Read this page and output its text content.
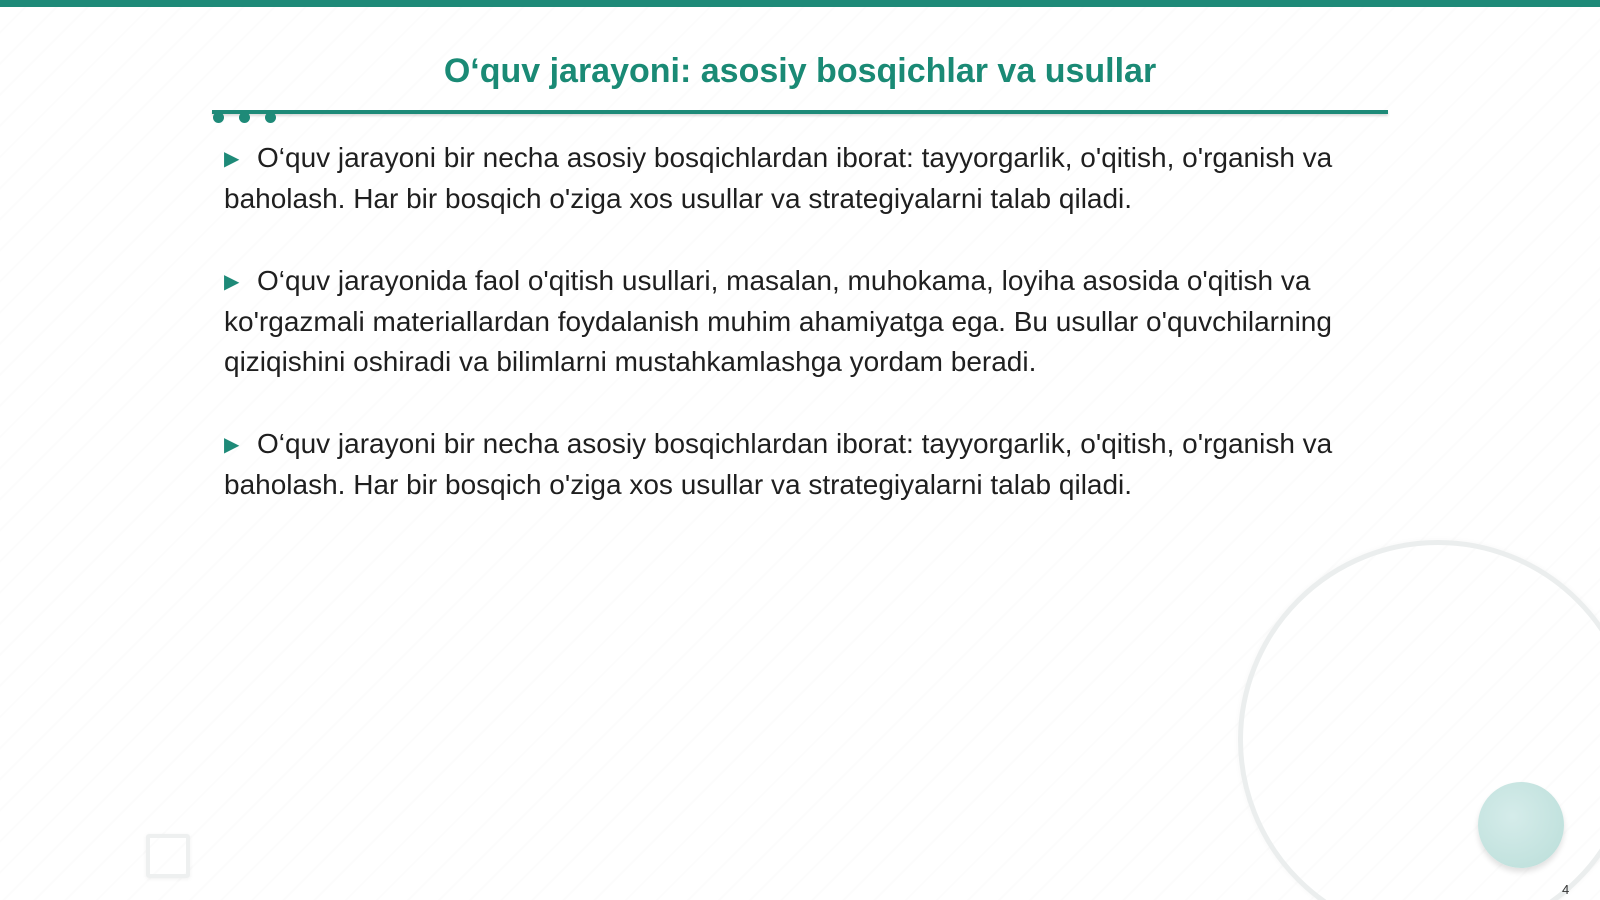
O‘quv jarayoni: asosiy bosqichlar va usullar

▶ O‘quv jarayoni bir necha asosiy bosqichlardan iborat: tayyorgarlik, o'qitish, o'rganish va baholash. Har bir bosqich o'ziga xos usullar va strategiyalarni talab qiladi.

▶ O‘quv jarayonida faol o'qitish usullari, masalan, muhokama, loyiha asosida o'qitish va ko'rgazmali materiallardan foydalanish muhim ahamiyatga ega. Bu usullar o'quvchilarning qiziqishini oshiradi va bilimlarni mustahkamlashga yordam beradi.

▶ O‘quv jarayoni bir necha asosiy bosqichlardan iborat: tayyorgarlik, o'qitish, o'rganish va baholash. Har bir bosqich o'ziga xos usullar va strategiyalarni talab qiladi.

4
